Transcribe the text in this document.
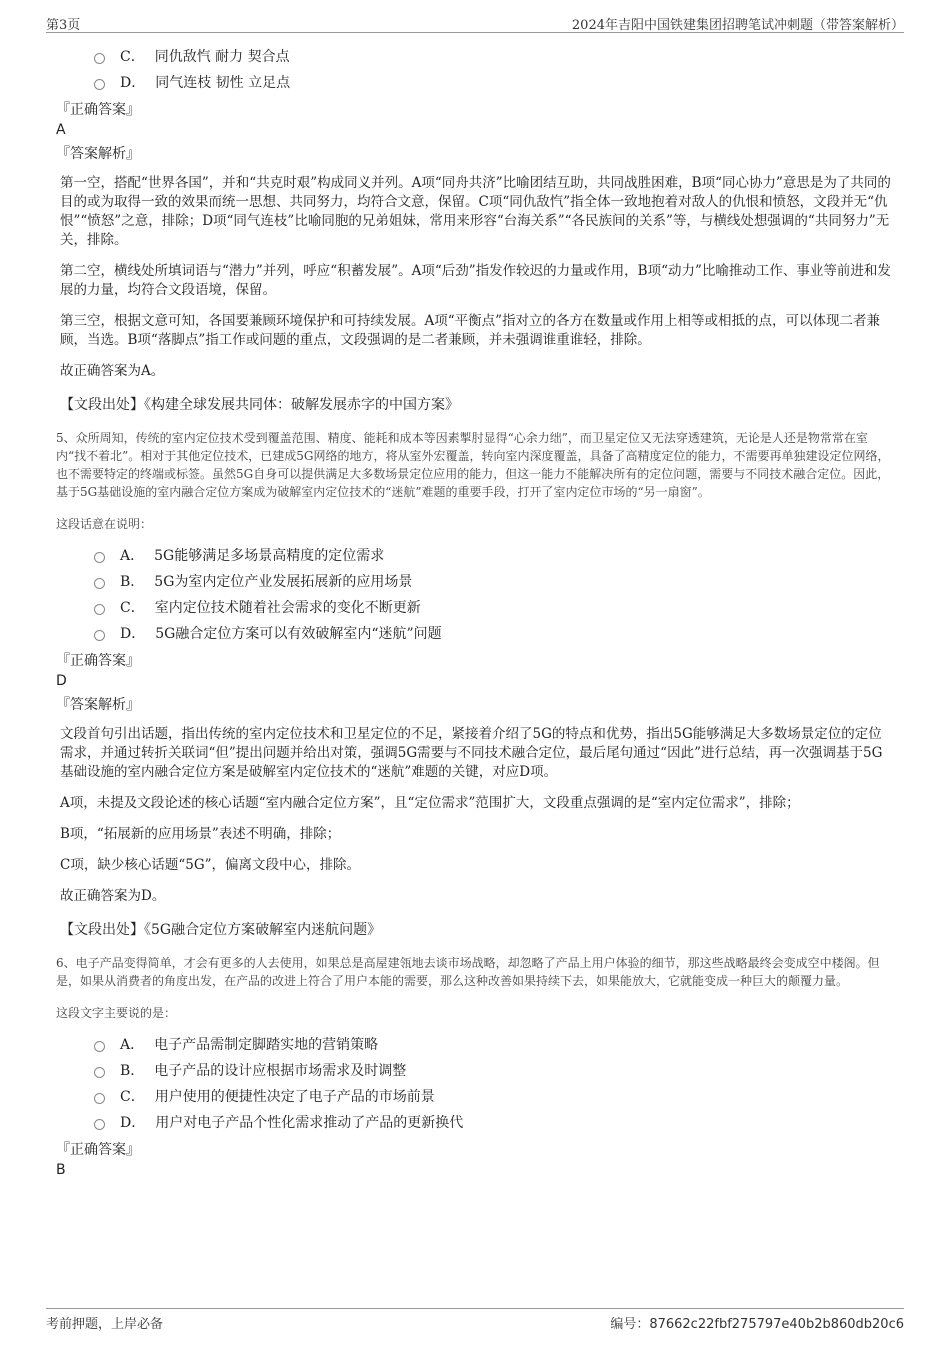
第3页	2024年吉阳中国铁建集团招聘笔试冲刺题（带答案解析）
C． 同仇敌忾 耐力 契合点
D． 同气连枝 韧性 立足点
『正确答案』
A
『答案解析』
第一空，搭配“世界各国”，并和“共克时艰”构成同义并列。A项“同舟共济”比喻团结互助，共同战胜困难，B项“同心协力”意思是为了共同的目的或为取得一致的效果而统一思想、共同努力，均符合文意，保留。C项“同仇敌忾”指全体一致地抱着对敌人的仇恨和愤怒，文段并无“仇恨”“愤怒”之意，排除；D项“同气连枝”比喻同胞的兄弟姐妹，常用来形容“台海关系”“各民族间的关系”等，与横线处想强调的“共同努力”无关，排除。
第二空，横线处所填词语与“潜力”并列，呼应“积蓄发展”。A项“后劲”指发作较迟的力量或作用，B项“动力”比喻推动工作、事业等前进和发展的力量，均符合文段语境，保留。
第三空，根据文意可知，各国要兼顾环境保护和可持续发展。A项“平衡点”指对立的各方在数量或作用上相等或相抵的点，可以体现二者兼顾，当选。B项“落脚点”指工作或问题的重点，文段强调的是二者兼顾，并未强调谁重谁轻，排除。
故正确答案为A。
【文段出处】《构建全球发展共同体：破解发展赤字的中国方案》
5、众所周知，传统的室内定位技术受到覆盖范围、精度、能耗和成本等因素掣肘显得“心余力绌”，而卫星定位又无法穿透建筑，无论是人还是物常常在室内“找不着北”。相对于其他定位技术，已建成5G网络的地方，将从室外宏覆盖，转向室内深度覆盖，具备了高精度定位的能力，不需要再单独建设定位网络，也不需要特定的终端或标签。虽然5G自身可以提供满足大多数场景定位应用的能力，但这一能力不能解决所有的定位问题，需要与不同技术融合定位。因此，基于5G基础设施的室内融合定位方案成为破解室内定位技术的“迷航”难题的重要手段，打开了室内定位市场的“另一扇窗”。
这段话意在说明：
A． 5G能够满足多场景高精度的定位需求
B． 5G为室内定位产业发展拓展新的应用场景
C． 室内定位技术随着社会需求的变化不断更新
D． 5G融合定位方案可以有效破解室内“迷航”问题
『正确答案』
D
『答案解析』
文段首句引出话题，指出传统的室内定位技术和卫星定位的不足，紧接着介绍了5G的特点和优势，指出5G能够满足大多数场景定位的定位需求，并通过转折关联词“但”提出问题并给出对策，强调5G需要与不同技术融合定位，最后尾句通过“因此”进行总结，再一次强调基于5G基础设施的室内融合定位方案是破解室内定位技术的“迷航”难题的关键，对应D项。
A项，未提及文段论述的核心话题“室内融合定位方案”，且“定位需求”范围扩大，文段重点强调的是“室内定位需求”，排除；
B项，“拓展新的应用场景”表述不明确，排除；
C项，缺少核心话题“5G”，偏离文段中心，排除。
故正确答案为D。
【文段出处】《5G融合定位方案破解室内迷航问题》
6、电子产品变得简单，才会有更多的人去使用，如果总是高屋建瓴地去谈市场战略，却忽略了产品上用户体验的细节，那这些战略最终会变成空中楼阁。但是，如果从消费者的角度出发，在产品的改进上符合了用户本能的需要，那么这种改善如果持续下去，如果能放大，它就能变成一种巨大的颠覆力量。
这段文字主要说的是：
A． 电子产品需制定脚踏实地的营销策略
B． 电子产品的设计应根据市场需求及时调整
C． 用户使用的便捷性决定了电子产品的市场前景
D． 用户对电子产品个性化需求推动了产品的更新换代
『正确答案』
B
考前押题，上岸必备	编号：87662c22fbf275797e40b2b860db20c6
